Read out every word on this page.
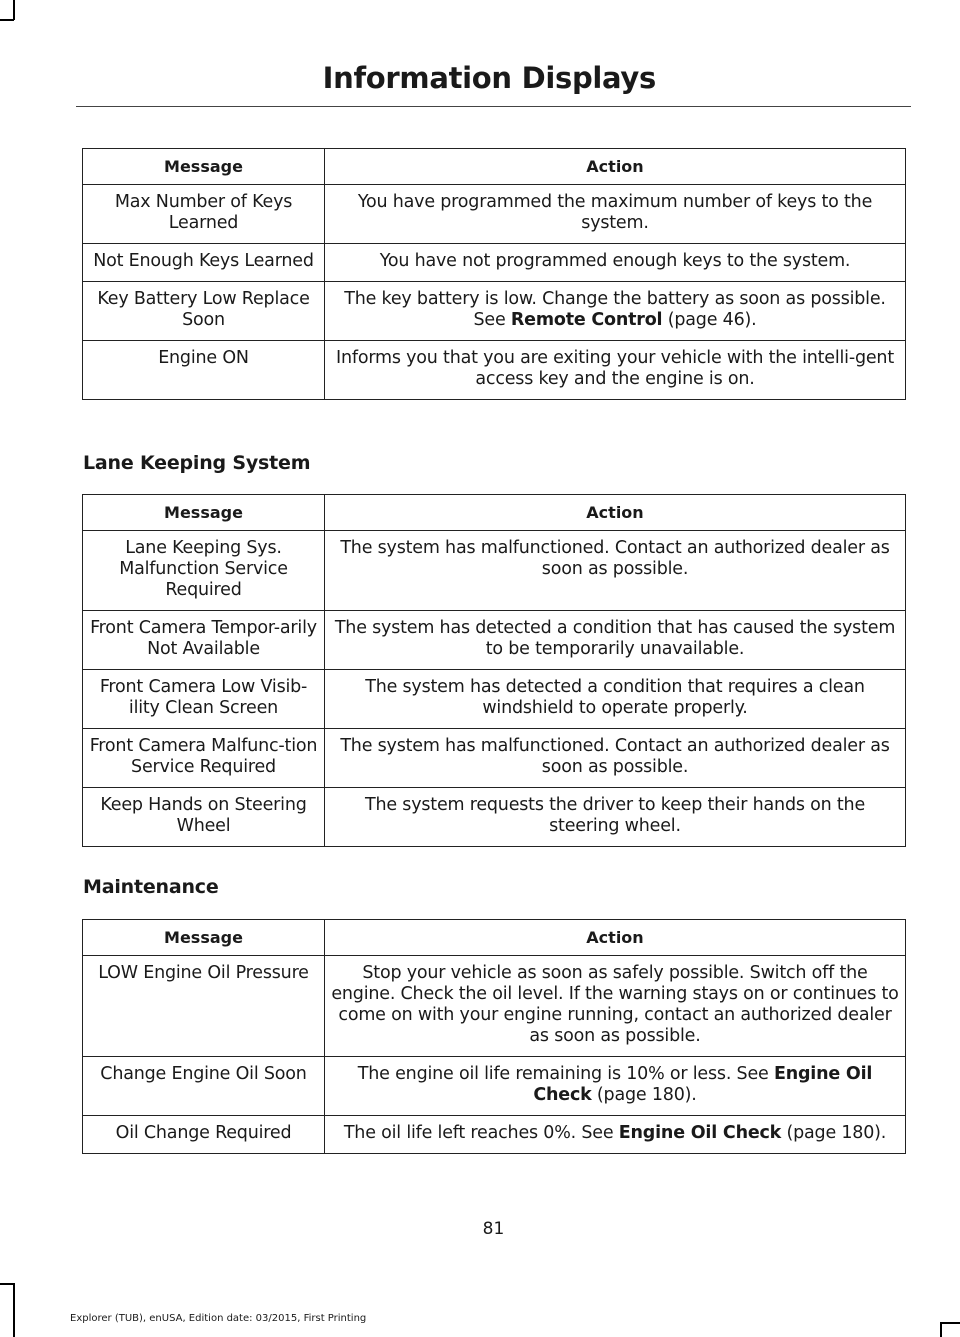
Information Displays
Message	Action
Max Number of Keys Learned	You have programmed the maximum number of keys to the system.
Not Enough Keys Learned	You have not programmed enough keys to the system.
Key Battery Low Replace Soon	The key battery is low. Change the battery as soon as possible. See Remote Control (page 46).
Engine ON	Informs you that you are exiting your vehicle with the intelli-gent access key and the engine is on.
Lane Keeping System
Message	Action
Lane Keeping Sys. Malfunction Service Required	The system has malfunctioned. Contact an authorized dealer as soon as possible.
Front Camera Tempor-arily Not Available	The system has detected a condition that has caused the system to be temporarily unavailable.
Front Camera Low Visib-ility Clean Screen	The system has detected a condition that requires a clean windshield to operate properly.
Front Camera Malfunc-tion Service Required	The system has malfunctioned. Contact an authorized dealer as soon as possible.
Keep Hands on Steering Wheel	The system requests the driver to keep their hands on the steering wheel.
Maintenance
Message	Action
LOW Engine Oil Pressure	Stop your vehicle as soon as safely possible. Switch off the engine. Check the oil level. If the warning stays on or continues to come on with your engine running, contact an authorized dealer as soon as possible.
Change Engine Oil Soon	The engine oil life remaining is 10% or less. See Engine Oil Check (page 180).
Oil Change Required	The oil life left reaches 0%. See Engine Oil Check (page 180).
81
Explorer (TUB), enUSA, Edition date: 03/2015, First Printing
